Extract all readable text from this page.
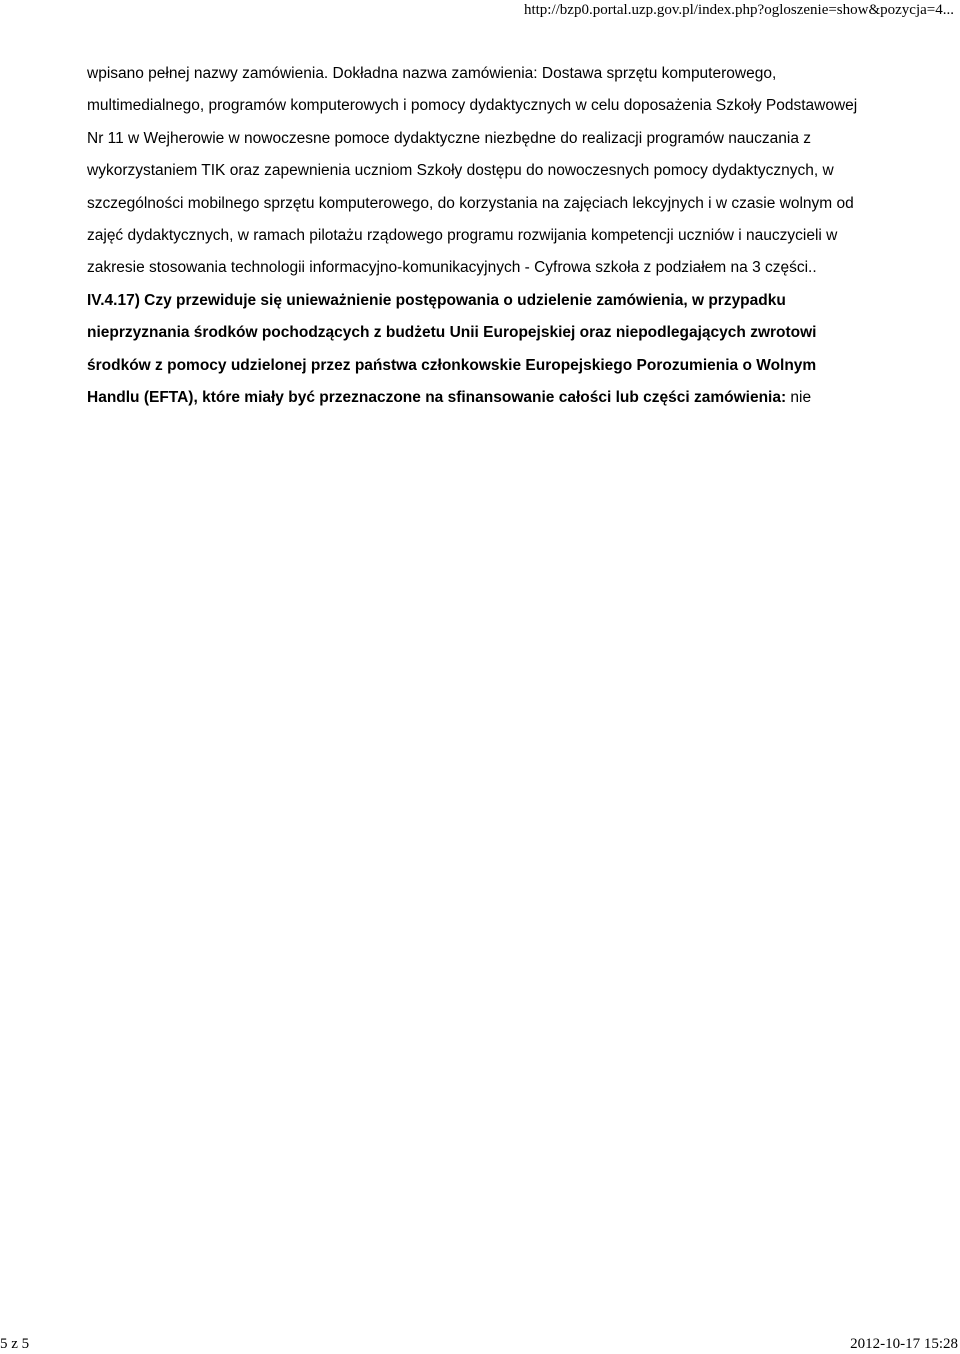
http://bzp0.portal.uzp.gov.pl/index.php?ogloszenie=show&pozycja=4...

wpisano pełnej nazwy zamówienia. Dokładna nazwa zamówienia: Dostawa sprzętu komputerowego,
multimedialnego, programów komputerowych i pomocy dydaktycznych w celu doposażenia Szkoły Podstawowej
Nr 11 w Wejherowie w nowoczesne pomoce dydaktyczne niezbędne do realizacji programów nauczania z
wykorzystaniem TIK oraz zapewnienia uczniom Szkoły dostępu do nowoczesnych pomocy dydaktycznych, w
szczególności mobilnego sprzętu komputerowego, do korzystania na zajęciach lekcyjnych i w czasie wolnym od
zajęć dydaktycznych, w ramach pilotażu rządowego programu rozwijania kompetencji uczniów i nauczycieli w
zakresie stosowania technologii informacyjno-komunikacyjnych - Cyfrowa szkoła z podziałem na 3 części..

IV.4.17) Czy przewiduje się unieważnienie postępowania o udzielenie zamówienia, w przypadku
nieprzyznania środków pochodzących z budżetu Unii Europejskiej oraz niepodlegających zwrotowi
środków z pomocy udzielonej przez państwa członkowskie Europejskiego Porozumienia o Wolnym
Handlu (EFTA), które miały być przeznaczone na sfinansowanie całości lub części zamówienia: nie

5 z 5	2012-10-17 15:28
